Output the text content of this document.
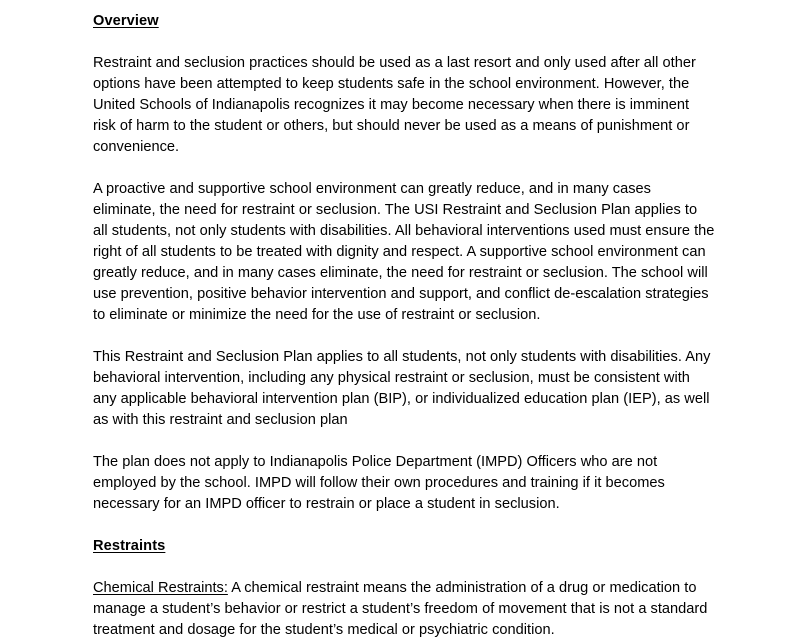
Overview

Restraint and seclusion practices should be used as a last resort and only used after all other options have been attempted to keep students safe in the school environment. However, the United Schools of Indianapolis recognizes it may become necessary when there is imminent risk of harm to the student or others, but should never be used as a means of punishment or convenience.

A proactive and supportive school environment can greatly reduce, and in many cases eliminate, the need for restraint or seclusion. The USI Restraint and Seclusion Plan applies to all students, not only students with disabilities. All behavioral interventions used must ensure the right of all students to be treated with dignity and respect. A supportive school environment can greatly reduce, and in many cases eliminate, the need for restraint or seclusion. The school will use prevention, positive behavior intervention and support, and conflict de-escalation strategies to eliminate or minimize the need for the use of restraint or seclusion.

This Restraint and Seclusion Plan applies to all students, not only students with disabilities. Any behavioral intervention, including any physical restraint or seclusion, must be consistent with any applicable behavioral intervention plan (BIP), or individualized education plan (IEP), as well as with this restraint and seclusion plan

The plan does not apply to Indianapolis Police Department (IMPD) Officers who are not employed by the school. IMPD will follow their own procedures and training if it becomes necessary for an IMPD officer to restrain or place a student in seclusion.

Restraints

Chemical Restraints: A chemical restraint means the administration of a drug or medication to manage a student’s behavior or restrict a student’s freedom of movement that is not a standard treatment and dosage for the student’s medical or psychiatric condition.
